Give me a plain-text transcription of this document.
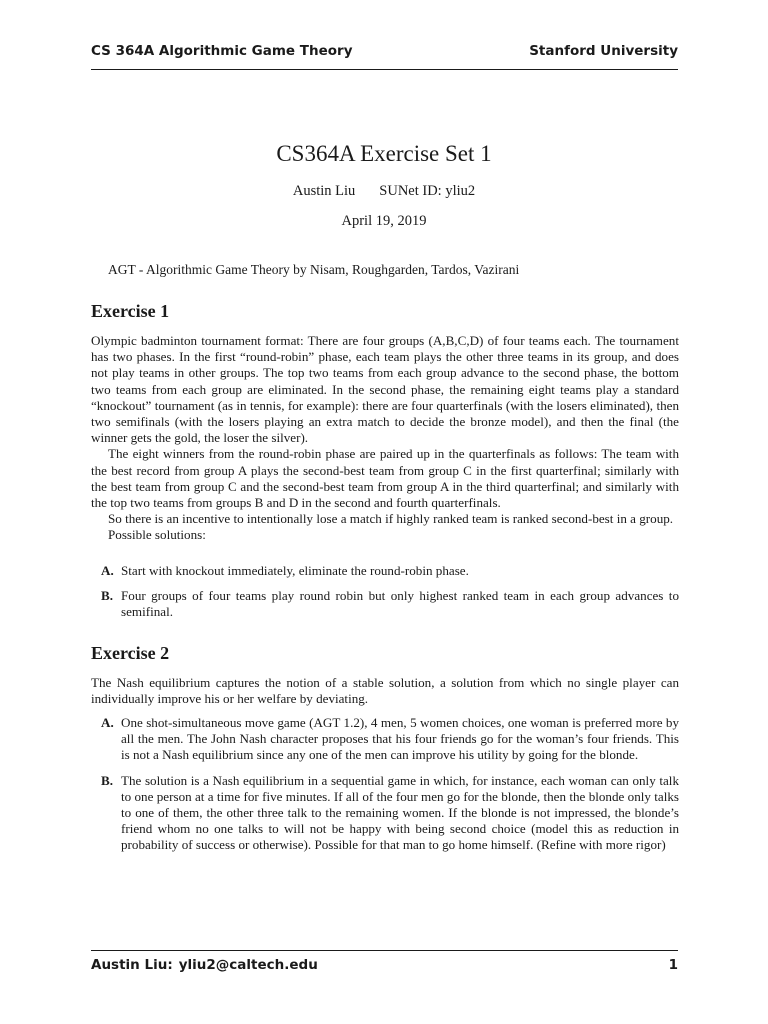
CS 364A Algorithmic Game Theory	Stanford University
CS364A Exercise Set 1
Austin Liu SUNet ID: yliu2
April 19, 2019
AGT - Algorithmic Game Theory by Nisam, Roughgarden, Tardos, Vazirani
Exercise 1

Olympic badminton tournament format: There are four groups (A,B,C,D) of four teams each. The tournament has two phases. In the first “round-robin” phase, each team plays the other three teams in its group, and does not play teams in other groups. The top two teams from each group advance to the second phase, the bottom two teams from each group are eliminated. In the second phase, the remaining eight teams play a standard “knockout” tournament (as in tennis, for example): there are four quarterfinals (with the losers eliminated), then two semifinals (with the losers playing an extra match to decide the bronze model), and then the final (the winner gets the gold, the loser the silver).

The eight winners from the round-robin phase are paired up in the quarterfinals as follows: The team with the best record from group A plays the second-best team from group C in the first quarterfinal; similarly with the best team from group C and the second-best team from group A in the third quarterfinal; and similarly with the top two teams from groups B and D in the second and fourth quarterfinals.

So there is an incentive to intentionally lose a match if highly ranked team is ranked second-best in a group.

Possible solutions:

A. Start with knockout immediately, eliminate the round-robin phase.
B. Four groups of four teams play round robin but only highest ranked team in each group advances to semifinal.
Exercise 2

The Nash equilibrium captures the notion of a stable solution, a solution from which no single player can individually improve his or her welfare by deviating.

A. One shot-simultaneous move game (AGT 1.2), 4 men, 5 women choices, one woman is preferred more by all the men. The John Nash character proposes that his four friends go for the woman’s four friends. This is not a Nash equilibrium since any one of the men can improve his utility by going for the blonde.
B. The solution is a Nash equilibrium in a sequential game in which, for instance, each woman can only talk to one person at a time for five minutes. If all of the four men go for the blonde, then the blonde only talks to one of them, the other three talk to the remaining women. If the blonde is not impressed, the blonde’s friend whom no one talks to will not be happy with being second choice (model this as reduction in probability of success or otherwise). Possible for that man to go home himself. (Refine with more rigor)
Austin Liu: yliu2@caltech.edu	1
